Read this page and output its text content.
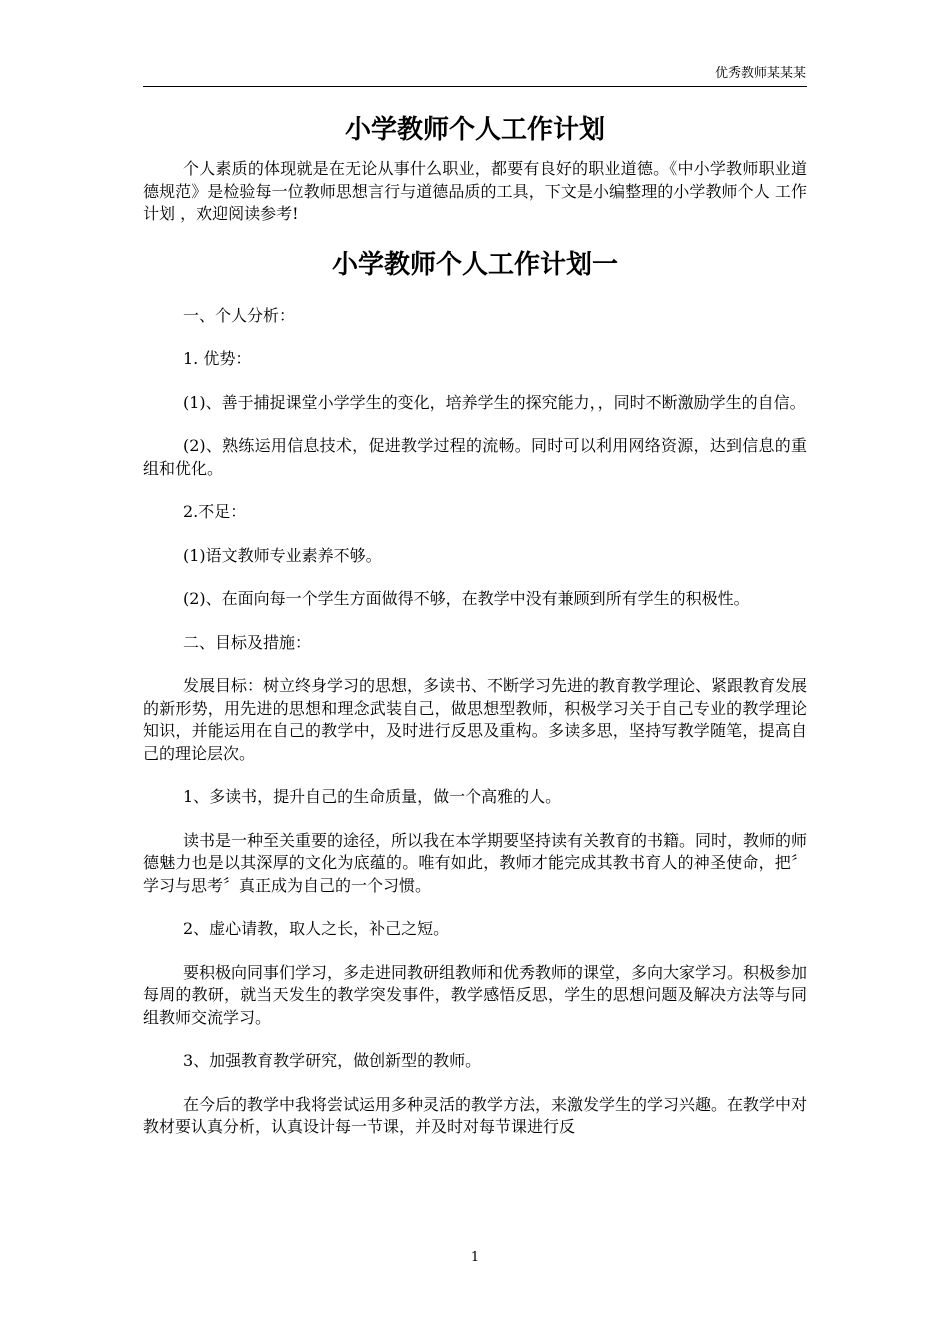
优秀教师某某某
小学教师个人工作计划

个人素质的体现就是在无论从事什么职业，都要有良好的职业道德。《中小学教师职业道德规范》是检验每一位教师思想言行与道德品质的工具，下文是小编整理的小学教师个人 工作计划 ，欢迎阅读参考!

小学教师个人工作计划一

一、个人分析：

1. 优势：

(1)、善于捕捉课堂小学学生的变化，培养学生的探究能力，，同时不断激励学生的自信。

(2)、熟练运用信息技术，促进教学过程的流畅。同时可以利用网络资源，达到信息的重组和优化。

2.不足：

(1)语文教师专业素养不够。

(2)、在面向每一个学生方面做得不够，在教学中没有兼顾到所有学生的积极性。

二、目标及措施：

发展目标：树立终身学习的思想，多读书、不断学习先进的教育教学理论、紧跟教育发展的新形势，用先进的思想和理念武装自己，做思想型教师，积极学习关于自己专业的教学理论知识，并能运用在自己的教学中，及时进行反思及重构。多读多思，坚持写教学随笔，提高自己的理论层次。

1、多读书，提升自己的生命质量，做一个高雅的人。

读书是一种至关重要的途径，所以我在本学期要坚持读有关教育的书籍。同时，教师的师德魅力也是以其深厚的文化为底蕴的。唯有如此，教师才能完成其教书育人的神圣使命，把〞学习与思考〞真正成为自己的一个习惯。

2、虚心请教，取人之长，补己之短。

要积极向同事们学习，多走进同教研组教师和优秀教师的课堂，多向大家学习。积极参加每周的教研，就当天发生的教学突发事件，教学感悟反思，学生的思想问题及解决方法等与同组教师交流学习。

3、加强教育教学研究，做创新型的教师。

在今后的教学中我将尝试运用多种灵活的教学方法，来激发学生的学习兴趣。在教学中对教材要认真分析，认真设计每一节课，并及时对每节课进行反

1
